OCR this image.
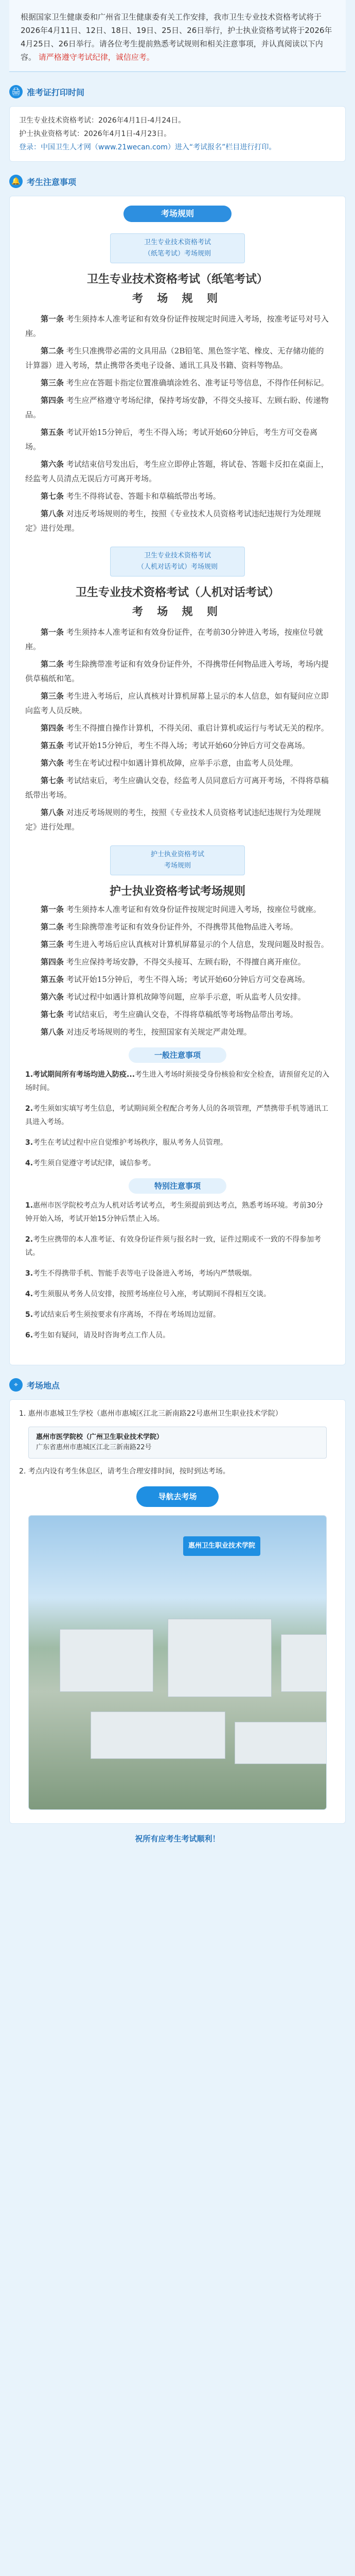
根据国家卫生健康委和广州省卫生健康委有关工作安排，我市卫生专业技术资格考试将于2026年4月11日、12日、18日、19日、25日、26日举行，护士执业资格考试将于2026年4月25日、26日举行。请各位考生提前熟悉考试规则和相关注意事项，并认真阅读以下内容。 请严格遵守考试纪律，诚信应考。
🖨 准考证打印时间
卫生专业技术资格考试：2026年4月1日-4月24日。
护士执业资格考试：2026年4月1日-4月23日。
登录：中国卫生人才网（www.21wecan.com）进入“考试报名”栏目进行打印。
🔔 考生注意事项
考场规则
卫生专业技术资格考试
（纸笔考试）考场规则
卫生专业技术资格考试（纸笔考试）
考 场 规 则

第一条 考生须持本人准考证和有效身份证件按规定时间进入考场，按准考证号对号入座。

第二条 考生只准携带必需的文具用品（2B铅笔、黑色签字笔、橡皮、无存储功能的计算器）进入考场，禁止携带各类电子设备、通讯工具及书籍、资料等物品。

第三条 考生应在答题卡指定位置准确填涂姓名、准考证号等信息，不得作任何标记。

第四条 考生应严格遵守考场纪律，保持考场安静，不得交头接耳、左顾右盼、传递物品。

第五条 考试开始15分钟后，考生不得入场；考试开始60分钟后，考生方可交卷离场。

第六条 考试结束信号发出后，考生应立即停止答题，将试卷、答题卡反扣在桌面上，经监考人员清点无误后方可离开考场。

第七条 考生不得将试卷、答题卡和草稿纸带出考场。

第八条 对违反考场规则的考生，按照《专业技术人员资格考试违纪违规行为处理规定》进行处理。

卫生专业技术资格考试
（人机对话考试）考场规则
卫生专业技术资格考试（人机对话考试）
考 场 规 则

第一条 考生须持本人准考证和有效身份证件，在考前30分钟进入考场，按座位号就座。

第二条 考生除携带准考证和有效身份证件外，不得携带任何物品进入考场，考场内提供草稿纸和笔。

第三条 考生进入考场后，应认真核对计算机屏幕上显示的本人信息，如有疑问应立即向监考人员反映。

第四条 考生不得擅自操作计算机，不得关闭、重启计算机或运行与考试无关的程序。

第五条 考试开始15分钟后，考生不得入场；考试开始60分钟后方可交卷离场。

第六条 考生在考试过程中如遇计算机故障，应举手示意，由监考人员处理。

第七条 考试结束后，考生应确认交卷，经监考人员同意后方可离开考场，不得将草稿纸带出考场。

第八条 对违反考场规则的考生，按照《专业技术人员资格考试违纪违规行为处理规定》进行处理。

护士执业资格考试
考场规则
护士执业资格考试考场规则

第一条 考生须持本人准考证和有效身份证件按规定时间进入考场，按座位号就座。

第二条 考生除携带准考证和有效身份证件外，不得携带其他物品进入考场。

第三条 考生进入考场后应认真核对计算机屏幕显示的个人信息，发现问题及时报告。

第四条 考生应保持考场安静，不得交头接耳、左顾右盼，不得擅自离开座位。

第五条 考试开始15分钟后，考生不得入场；考试开始60分钟后方可交卷离场。

第六条 考试过程中如遇计算机故障等问题，应举手示意，听从监考人员安排。

第七条 考试结束后，考生应确认交卷，不得将草稿纸等考场物品带出考场。

第八条 对违反考场规则的考生，按照国家有关规定严肃处理。

一般注意事项

1.考试期间所有考场均进入防疫...考生进入考场时须接受身份核验和安全检查，请预留充足的入场时间。

2.考生须如实填写考生信息，考试期间须全程配合考务人员的各项管理，严禁携带手机等通讯工具进入考场。

3.考生在考试过程中应自觉维护考场秩序，服从考务人员管理。

4.考生须自觉遵守考试纪律，诚信参考。

特别注意事项

1.惠州市医学院校考点为人机对话考试考点，考生须提前到达考点，熟悉考场环境。考前30分钟开始入场，考试开始15分钟后禁止入场。

2.考生应携带的本人准考证、有效身份证件须与报名时一致，证件过期或不一致的不得参加考试。

3.考生不得携带手机、智能手表等电子设备进入考场，考场内严禁吸烟。

4.考生须服从考务人员安排，按照考场座位号入座，考试期间不得相互交谈。

5.考试结束后考生须按要求有序离场，不得在考场周边逗留。

6.考生如有疑问，请及时咨询考点工作人员。

⌖	考场地点
1. 惠州市惠城卫生学校（惠州市惠城区江北三新南路22号惠州卫生职业技术学院）
惠州市医学院校（广州卫生职业技术学院）
广东省惠州市惠城区江北三新南路22号
2. 考点内设有考生休息区，请考生合理安排时间，按时到达考场。
导航去考场
惠州卫生职业技术学院
祝所有应考生考试顺利！
